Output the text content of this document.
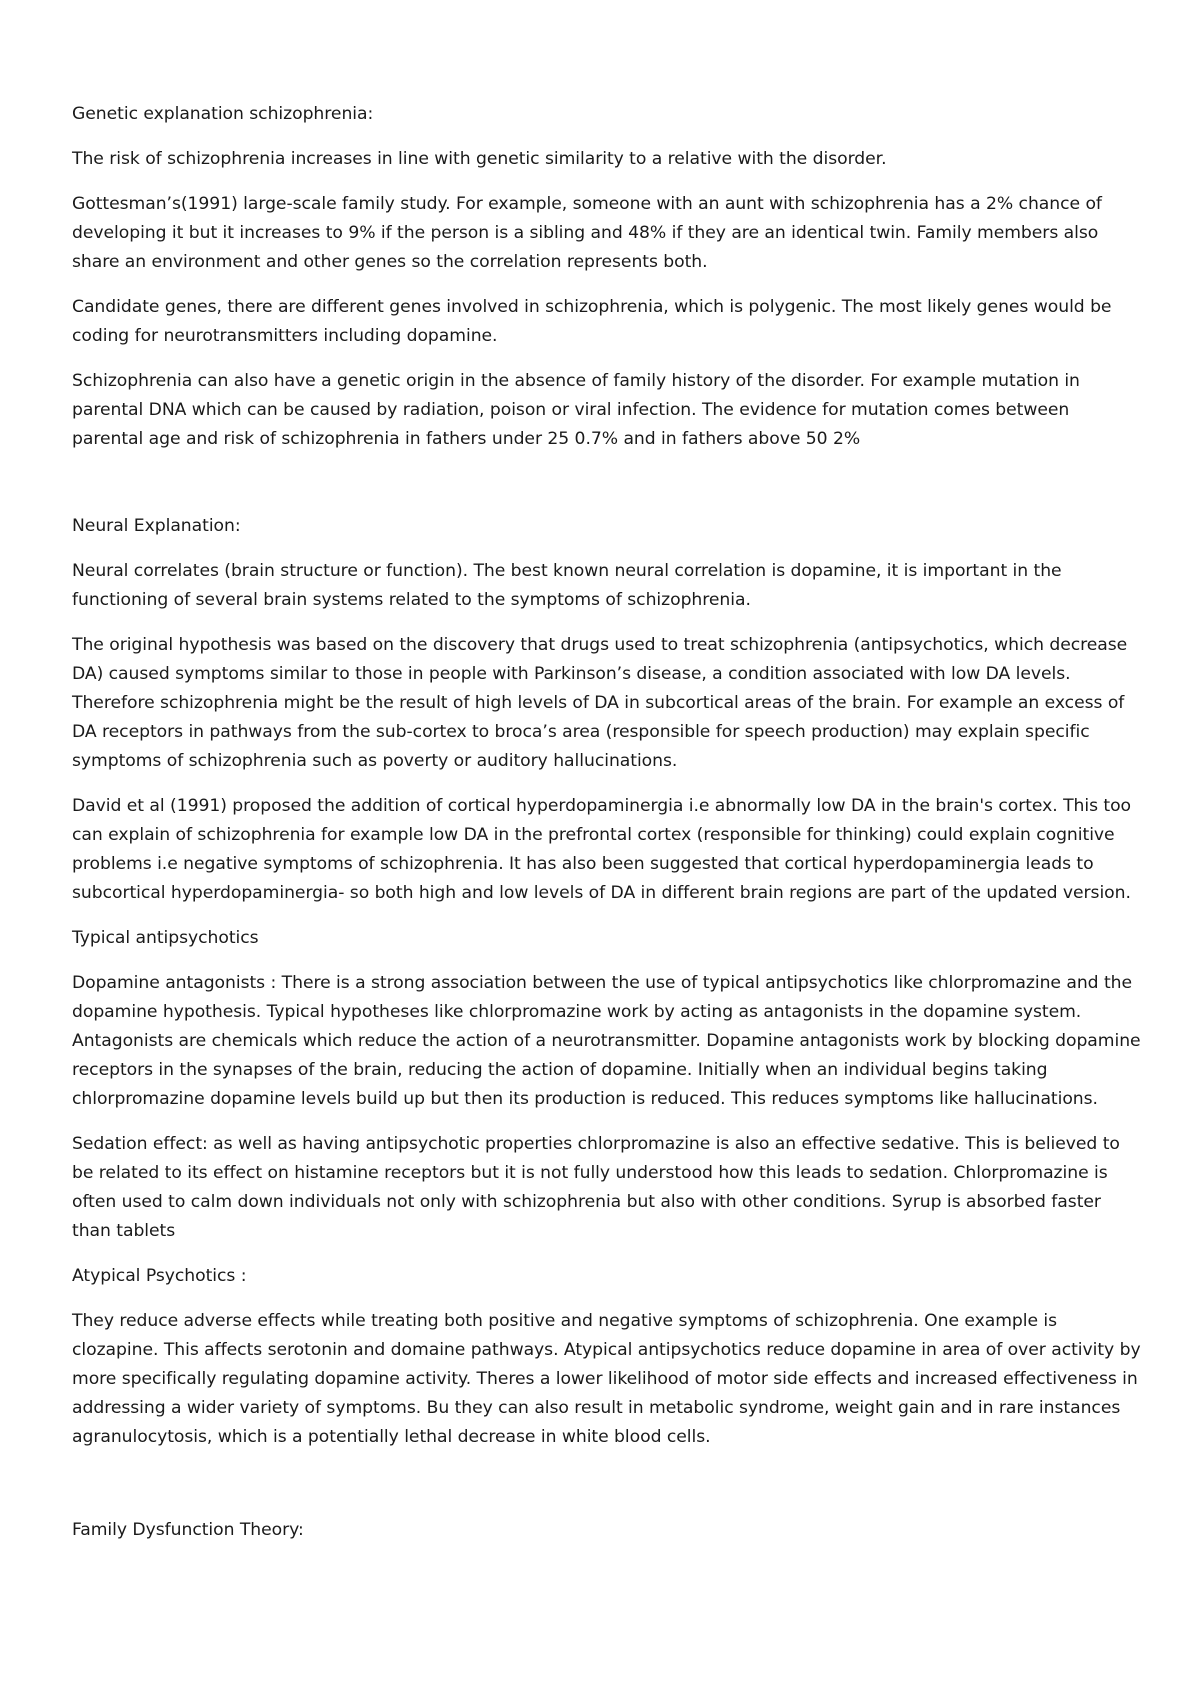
Genetic explanation schizophrenia:

The risk of schizophrenia increases in line with genetic similarity to a relative with the disorder.

Gottesman’s(1991) large-scale family study. For example, someone with an aunt with schizophrenia has a 2% chance of developing it but it increases to 9% if the person is a sibling and 48% if they are an identical twin. Family members also share an environment and other genes so the correlation represents both.

Candidate genes, there are different genes involved in schizophrenia, which is polygenic. The most likely genes would be coding for neurotransmitters including dopamine.

Schizophrenia can also have a genetic origin in the absence of family history of the disorder. For example mutation in parental DNA which can be caused by radiation, poison or viral infection. The evidence for mutation comes between parental age and risk of schizophrenia in fathers under 25 0.7% and in fathers above 50 2%

Neural Explanation:

Neural correlates (brain structure or function). The best known neural correlation is dopamine, it is important in the functioning of several brain systems related to the symptoms of schizophrenia.

The original hypothesis was based on the discovery that drugs used to treat schizophrenia (antipsychotics, which decrease DA) caused symptoms similar to those in people with Parkinson’s disease, a condition associated with low DA levels. Therefore schizophrenia might be the result of high levels of DA in subcortical areas of the brain. For example an excess of DA receptors in pathways from the sub-cortex to broca’s area (responsible for speech production) may explain specific symptoms of schizophrenia such as poverty or auditory hallucinations.

David et al (1991) proposed the addition of cortical hyperdopaminergia i.e abnormally low DA in the brain's cortex. This too can explain of schizophrenia for example low DA in the prefrontal cortex (responsible for thinking) could explain cognitive problems i.e negative symptoms of schizophrenia. It has also been suggested that cortical hyperdopaminergia leads to subcortical hyperdopaminergia- so both high and low levels of DA in different brain regions are part of the updated version.

Typical antipsychotics

Dopamine antagonists : There is a strong association between the use of typical antipsychotics like chlorpromazine and the dopamine hypothesis. Typical hypotheses like chlorpromazine work by acting as antagonists in the dopamine system. Antagonists are chemicals which reduce the action of a neurotransmitter. Dopamine antagonists work by blocking dopamine receptors in the synapses of the brain, reducing the action of dopamine. Initially when an individual begins taking chlorpromazine dopamine levels build up but then its production is reduced. This reduces symptoms like hallucinations.

Sedation effect: as well as having antipsychotic properties chlorpromazine is also an effective sedative. This is believed to be related to its effect on histamine receptors but it is not fully understood how this leads to sedation. Chlorpromazine is often used to calm down individuals not only with schizophrenia but also with other conditions. Syrup is absorbed faster than tablets

Atypical Psychotics :

They reduce adverse effects while treating both positive and negative symptoms of schizophrenia. One example is clozapine. This affects serotonin and domaine pathways. Atypical antipsychotics reduce dopamine in area of over activity by more specifically regulating dopamine activity. Theres a lower likelihood of motor side effects and increased effectiveness in addressing a wider variety of symptoms. Bu they can also result in metabolic syndrome, weight gain and in rare instances agranulocytosis, which is a potentially lethal decrease in white blood cells.

Family Dysfunction Theory:
